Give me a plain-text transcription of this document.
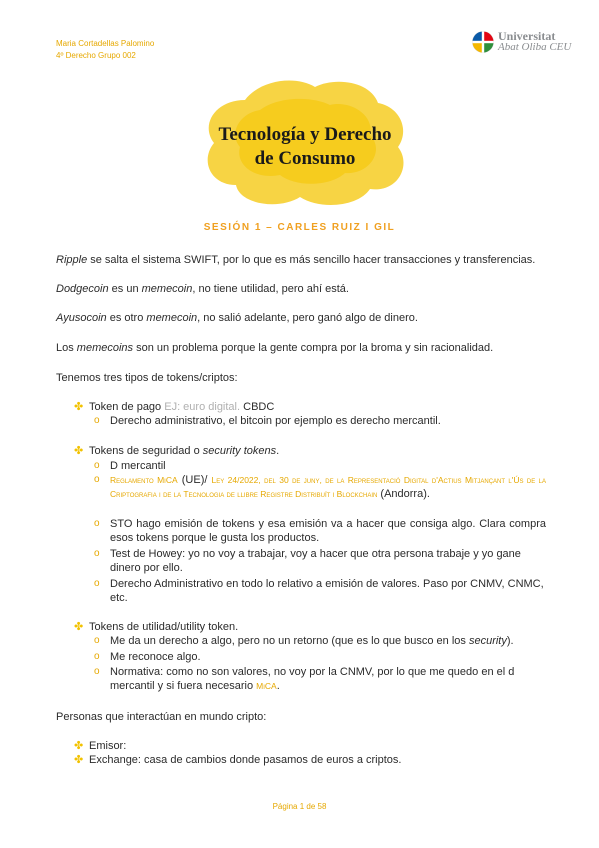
Maria Cortadellas Palomino
4º Derecho Grupo 002
Universitat
Abat Oliba CEU
Tecnología y Derecho
de Consumo
SESIÓN 1 – CARLES RUIZ I GIL
Ripple se salta el sistema SWIFT, por lo que es más sencillo hacer transacciones y transferencias.
Dodgecoin es un memecoin, no tiene utilidad, pero ahí está.
Ayusocoin es otro memecoin, no salió adelante, pero ganó algo de dinero.
Los memecoins son un problema porque la gente compra por la broma y sin racionalidad.
Tenemos tres tipos de tokens/criptos:
✤ Token de pago EJ: euro digital. CBDC
o Derecho administrativo, el bitcoin por ejemplo es derecho mercantil.
✤ Tokens de seguridad o security tokens.
o D mercantil
o Reglamento MiCA (UE)/ Ley 24/2022, del 30 de juny, de la Representació Digital d'Actius Mitjançant l'Ús de la Criptografia i de la Tecnologia de llibre Registre Distribuït i Blockchain (Andorra).
o STO hago emisión de tokens y esa emisión va a hacer que consiga algo. Clara compra esos tokens porque le gusta los productos.
o Test de Howey: yo no voy a trabajar, voy a hacer que otra persona trabaje y yo gane dinero por ello.
o Derecho Administrativo en todo lo relativo a emisión de valores. Paso por CNMV, CNMC, etc.
✤ Tokens de utilidad/utility token.
o Me da un derecho a algo, pero no un retorno (que es lo que busco en los security).
o Me reconoce algo.
o Normativa: como no son valores, no voy por la CNMV, por lo que me quedo en el d mercantil y si fuera necesario MiCA.
Personas que interactúan en mundo cripto:
✤ Emisor:
✤ Exchange: casa de cambios donde pasamos de euros a criptos.
Página 1 de 58
